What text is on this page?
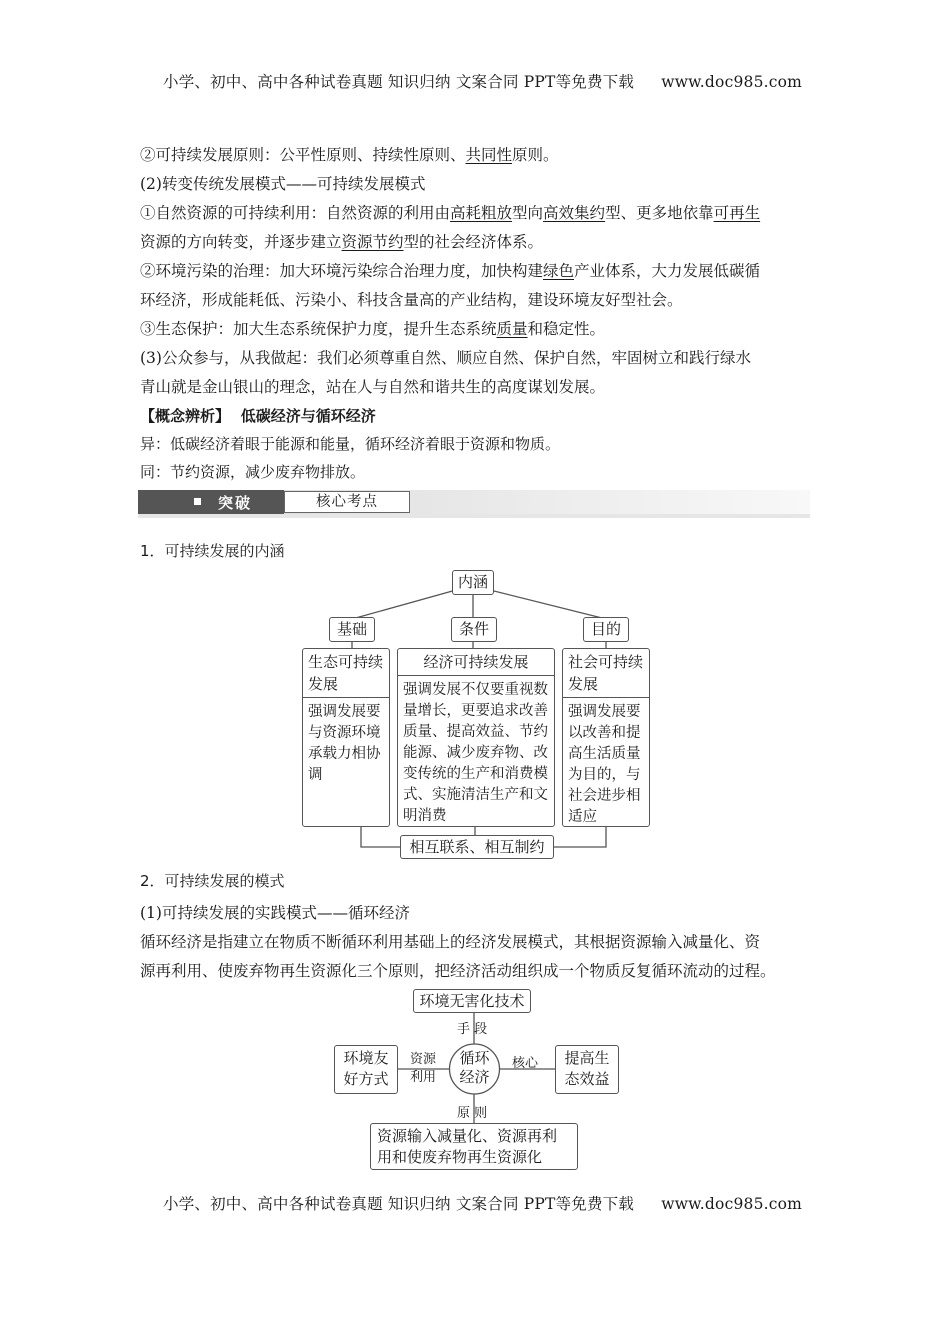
小学、初中、高中各种试卷真题 知识归纳 文案合同 PPT等免费下载 www.doc985.com
②可持续发展原则：公平性原则、持续性原则、共同性原则。
(2)转变传统发展模式——可持续发展模式
①自然资源的可持续利用：自然资源的利用由高耗粗放型向高效集约型、更多地依靠可再生
资源的方向转变，并逐步建立资源节约型的社会经济体系。
②环境污染的治理：加大环境污染综合治理力度，加快构建绿色产业体系，大力发展低碳循
环经济，形成能耗低、污染小、科技含量高的产业结构，建设环境友好型社会。
③生态保护：加大生态系统保护力度，提升生态系统质量和稳定性。
(3)公众参与，从我做起：我们必须尊重自然、顺应自然、保护自然，牢固树立和践行绿水
青山就是金山银山的理念，站在人与自然和谐共生的高度谋划发展。
【概念辨析】 低碳经济与循环经济
异：低碳经济着眼于能源和能量，循环经济着眼于资源和物质。
同：节约资源，减少废弃物排放。
突破	核心考点
1．可持续发展的内涵
内涵
基础	条件	目的
生态可持续发展
强调发展要与资源环境承载力相协调
经济可持续发展
强调发展不仅要重视数量增长，更要追求改善质量、提高效益、节约能源、减少废弃物、改变传统的生产和消费模式、实施清洁生产和文明消费
社会可持续发展
强调发展要以改善和提高生活质量为目的，与社会进步相适应
相互联系、相互制约
2．可持续发展的模式
(1)可持续发展的实践模式——循环经济
循环经济是指建立在物质不断循环利用基础上的经济发展模式，其根据资源输入减量化、资
源再利用、使废弃物再生资源化三个原则，把经济活动组织成一个物质反复循环流动的过程。
环境无害化技术
手 段
循环经济
环境友好方式
资源利用
提高生态效益
核心
原 则
资源输入减量化、资源再利用和使废弃物再生资源化
小学、初中、高中各种试卷真题 知识归纳 文案合同 PPT等免费下载 www.doc985.com
